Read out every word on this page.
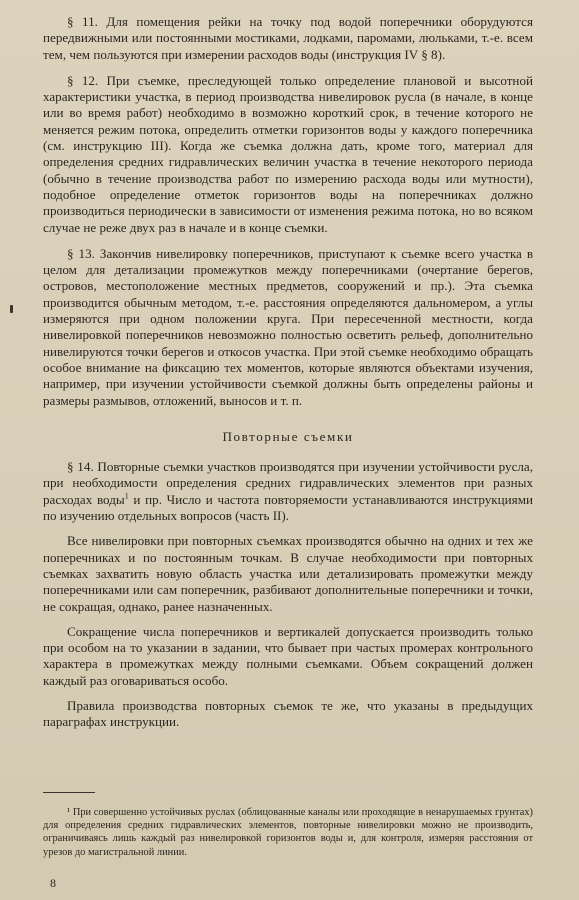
§ 11. Для помещения рейки на точку под водой поперечники оборудуются передвижными или постоянными мостиками, лодками, паромами, люльками, т.-е. всем тем, чем пользуются при измерении расходов воды (инструкция IV § 8).

§ 12. При съемке, преследующей только определение плановой и высотной характеристики участка, в период производства нивелировок русла (в начале, в конце или во время работ) необходимо в возможно короткий срок, в течение которого не меняется режим потока, определить отметки горизонтов воды у каждого поперечника (см. инструкцию III). Когда же съемка должна дать, кроме того, материал для определения средних гидравлических величин участка в течение некоторого периода (обычно в течение производства работ по измерению расхода воды или мутности), подобное определение отметок горизонтов воды на поперечниках должно производиться периодически в зависимости от изменения режима потока, но во всяком случае не реже двух раз в начале и в конце съемки.

§ 13. Закончив нивелировку поперечников, приступают к съемке всего участка в целом для детализации промежутков между поперечниками (очертание берегов, островов, местоположение местных предметов, сооружений и пр.). Эта съемка производится обычным методом, т.-е. расстояния определяются дальномером, а углы измеряются при одном положении круга. При пересеченной местности, когда нивелировкой поперечников невозможно полностью осветить рельеф, дополнительно нивелируются точки берегов и откосов участка. При этой съемке необходимо обращать особое внимание на фиксацию тех моментов, которые являются объектами изучения, например, при изучении устойчивости съемкой должны быть определены районы и размеры размывов, отложений, выносов и т. п.

Повторные съемки

§ 14. Повторные съемки участков производятся при изучении устойчивости русла, при необходимости определения средних гидравлических элементов при разных расходах воды$^1$ и пр. Число и частота повторяемости устанавливаются инструкциями по изучению отдельных вопросов (часть II).

Все нивелировки при повторных съемках производятся обычно на одних и тех же поперечниках и по постоянным точкам. В случае необходимости при повторных съемках захватить новую область участка или детализировать промежутки между поперечниками или сам поперечник, разбивают дополнительные поперечники и точки, не сокращая, однако, ранее назначенных.

Сокращение числа поперечников и вертикалей допускается производить только при особом на то указании в задании, что бывает при частых промерах контрольного характера в промежутках между полными съемками. Объем сокращений должен каждый раз оговариваться особо.

Правила производства повторных съемок те же, что указаны в предыдущих параграфах инструкции.

¹ При совершенно устойчивых руслах (облицованные каналы или проходящие в ненарушаемых грунтах) для определения средних гидравлических элементов, повторные нивелировки можно не производить, ограничиваясь лишь каждый раз нивелировкой горизонтов воды и, для контроля, измеряя расстояния от урезов до магистральной линии.
8
